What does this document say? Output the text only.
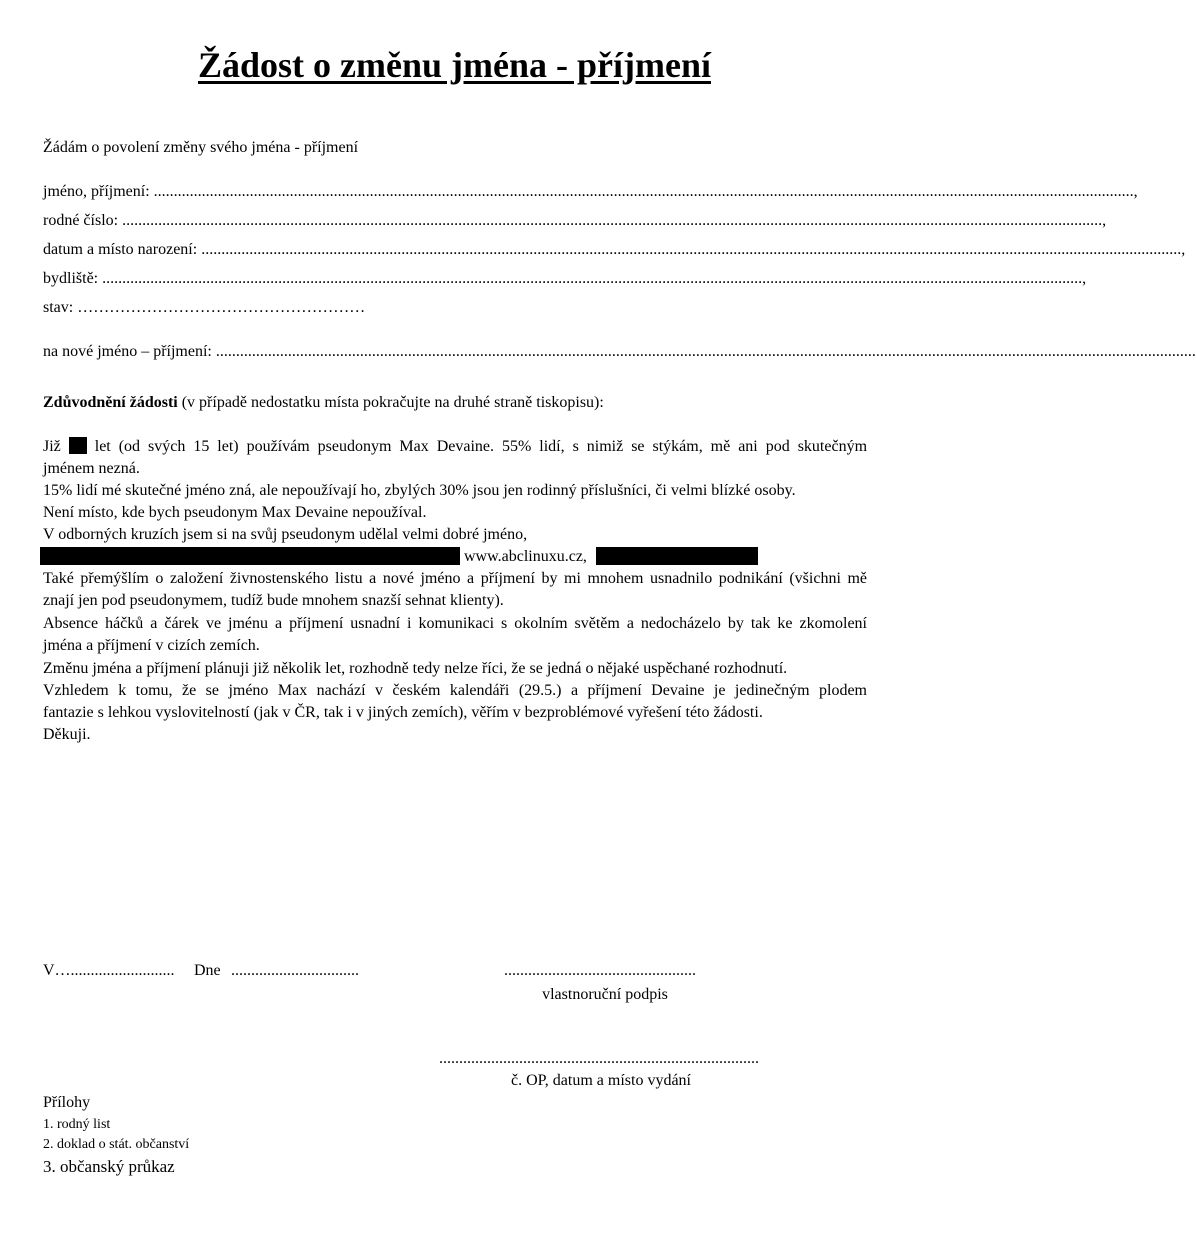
Žádost o změnu jména - příjmení
Žádám o povolení změny svého jména - příjmení
jméno, příjmení: ..................................................................................................................................................................................................................................................... ,
rodné číslo: ..................................................................................................................................................................................................................................................... ,
datum a místo narození: ..................................................................................................................................................................................................................................................... ,
bydliště: ..................................................................................................................................................................................................................................................... ,
stav: ………………………………………………
na nové jméno – příjmení: .....................................................................................................................................................................................................................................................
Zdůvodnění žádosti (v případě nedostatku místa pokračujte na druhé straně tiskopisu):
Již let (od svých 15 let) používám pseudonym Max Devaine. 55% lidí, s nimiž se stýkám, mě ani pod skutečným
jménem nezná.
15% lidí mé skutečné jméno zná, ale nepoužívají ho, zbylých 30% jsou jen rodinný příslušníci, či velmi blízké osoby.
Není místo, kde bych pseudonym Max Devaine nepoužíval.
V odborných kruzích jsem si na svůj pseudonym udělal velmi dobré jméno,
www.abclinuxu.cz,
Také přemýšlím o založení živnostenského listu a nové jméno a příjmení by mi mnohem usnadnilo podnikání (všichni mě
znají jen pod pseudonymem, tudíž bude mnohem snazší sehnat klienty).
Absence háčků a čárek ve jménu a příjmení usnadní i komunikaci s okolním světěm a nedocházelo by tak ke zkomolení
jména a příjmení v cizích zemích.
Změnu jména a příjmení plánuji již několik let, rozhodně tedy nelze říci, že se jedná o nějaké uspěchané rozhodnutí.
Vzhledem k tomu, že se jméno Max nachází v českém kalendáři (29.5.) a příjmení Devaine je jedinečným plodem
fantazie s lehkou vyslovitelností (jak v ČR, tak i v jiných zemích), věřím v bezproblémové vyřešení této žádosti.
Děkuji.
V….......................... Dne ................................	................................................
vlastnoruční podpis
................................................................................
č. OP, datum a místo vydání
Přílohy
1. rodný list
2. doklad o stát. občanství
3. občanský průkaz
